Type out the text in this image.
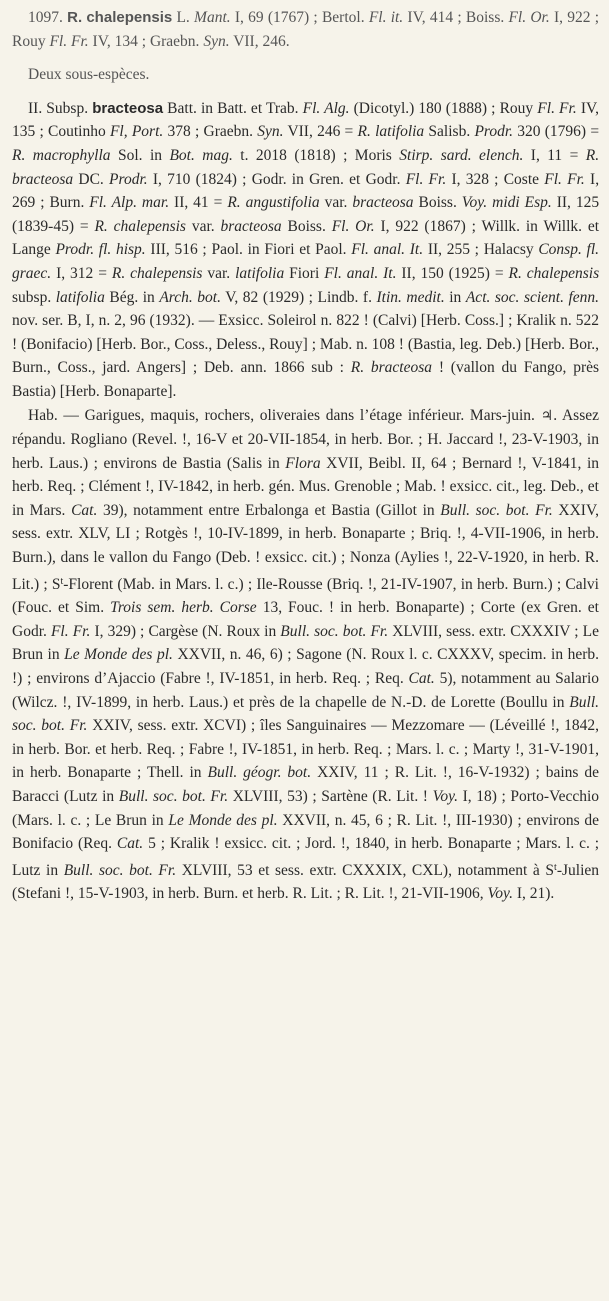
1097. R. chalepensis L. Mant. I, 69 (1767) ; Bertol. Fl. it. IV, 414 ; Boiss. Fl. Or. I, 922 ; Rouy Fl. Fr. IV, 134 ; Graebn. Syn. VII, 246.

Deux sous-espèces.

II. Subsp. bracteosa Batt. in Batt. et Trab. Fl. Alg. (Dicotyl.) 180 (1888) ; Rouy Fl. Fr. IV, 135 ; Coutinho Fl, Port. 378 ; Graebn. Syn. VII, 246 = R. latifolia Salisb. Prodr. 320 (1796) = R. macrophylla Sol. in Bot. mag. t. 2018 (1818) ; Moris Stirp. sard. elench. I, 11 = R. bracteosa DC. Prodr. I, 710 (1824) ; Godr. in Gren. et Godr. Fl. Fr. I, 328 ; Coste Fl. Fr. I, 269 ; Burn. Fl. Alp. mar. II, 41 = R. angustifolia var. bracteosa Boiss. Voy. midi Esp. II, 125 (1839-45) = R. chalepensis var. bracteosa Boiss. Fl. Or. I, 922 (1867) ; Willk. in Willk. et Lange Prodr. fl. hisp. III, 516 ; Paol. in Fiori et Paol. Fl. anal. It. II, 255 ; Halacsy Consp. fl. graec. I, 312 = R. chalepensis var. latifolia Fiori Fl. anal. It. II, 150 (1925) = R. chalepensis subsp. latifolia Bég. in Arch. bot. V, 82 (1929) ; Lindb. f. Itin. medit. in Act. soc. scient. fenn. nov. ser. B, I, n. 2, 96 (1932). — Exsicc. Soleirol n. 822 ! (Calvi) [Herb. Coss.] ; Kralik n. 522 ! (Bonifacio) [Herb. Bor., Coss., Deless., Rouy] ; Mab. n. 108 ! (Bastia, leg. Deb.) [Herb. Bor., Burn., Coss., jard. Angers] ; Deb. ann. 1866 sub : R. bracteosa ! (vallon du Fango, près Bastia) [Herb. Bonaparte].

Hab. — Garigues, maquis, rochers, oliveraies dans l’étage inférieur. Mars-juin. ♃. Assez répandu. Rogliano (Revel. !, 16-V et 20-VII-1854, in herb. Bor. ; H. Jaccard !, 23-V-1903, in herb. Laus.) ; environs de Bastia (Salis in Flora XVII, Beibl. II, 64 ; Bernard !, V-1841, in herb. Req. ; Clément !, IV-1842, in herb. gén. Mus. Grenoble ; Mab. ! exsicc. cit., leg. Deb., et in Mars. Cat. 39), notamment entre Erbalonga et Bastia (Gillot in Bull. soc. bot. Fr. XXIV, sess. extr. XLV, LI ; Rotgès !, 10-IV-1899, in herb. Bonaparte ; Briq. !, 4-VII-1906, in herb. Burn.), dans le vallon du Fango (Deb. ! exsicc. cit.) ; Nonza (Aylies !, 22-V-1920, in herb. R. Lit.) ; $S^t$-Florent (Mab. in Mars. l. c.) ; Ile-Rousse (Briq. !, 21-IV-1907, in herb. Burn.) ; Calvi (Fouc. et Sim. Trois sem. herb. Corse 13, Fouc. ! in herb. Bonaparte) ; Corte (ex Gren. et Godr. Fl. Fr. I, 329) ; Cargèse (N. Roux in Bull. soc. bot. Fr. XLVIII, sess. extr. CXXXIV ; Le Brun in Le Monde des pl. XXVII, n. 46, 6) ; Sagone (N. Roux l. c. CXXXV, specim. in herb. !) ; environs d’Ajaccio (Fabre !, IV-1851, in herb. Req. ; Req. Cat. 5), notamment au Salario (Wilcz. !, IV-1899, in herb. Laus.) et près de la chapelle de N.-D. de Lorette (Boullu in Bull. soc. bot. Fr. XXIV, sess. extr. XCVI) ; îles Sanguinaires — Mezzomare — (Léveillé !, 1842, in herb. Bor. et herb. Req. ; Fabre !, IV-1851, in herb. Req. ; Mars. l. c. ; Marty !, 31-V-1901, in herb. Bonaparte ; Thell. in Bull. géogr. bot. XXIV, 11 ; R. Lit. !, 16-V-1932) ; bains de Baracci (Lutz in Bull. soc. bot. Fr. XLVIII, 53) ; Sartène (R. Lit. ! Voy. I, 18) ; Porto-Vecchio (Mars. l. c. ; Le Brun in Le Monde des pl. XXVII, n. 45, 6 ; R. Lit. !, III-1930) ; environs de Bonifacio (Req. Cat. 5 ; Kralik ! exsicc. cit. ; Jord. !, 1840, in herb. Bonaparte ; Mars. l. c. ; Lutz in Bull. soc. bot. Fr. XLVIII, 53 et sess. extr. CXXXIX, CXL), notamment à $S^t$-Julien (Stefani !, 15-V-1903, in herb. Burn. et herb. R. Lit. ; R. Lit. !, 21-VII-1906, Voy. I, 21).
